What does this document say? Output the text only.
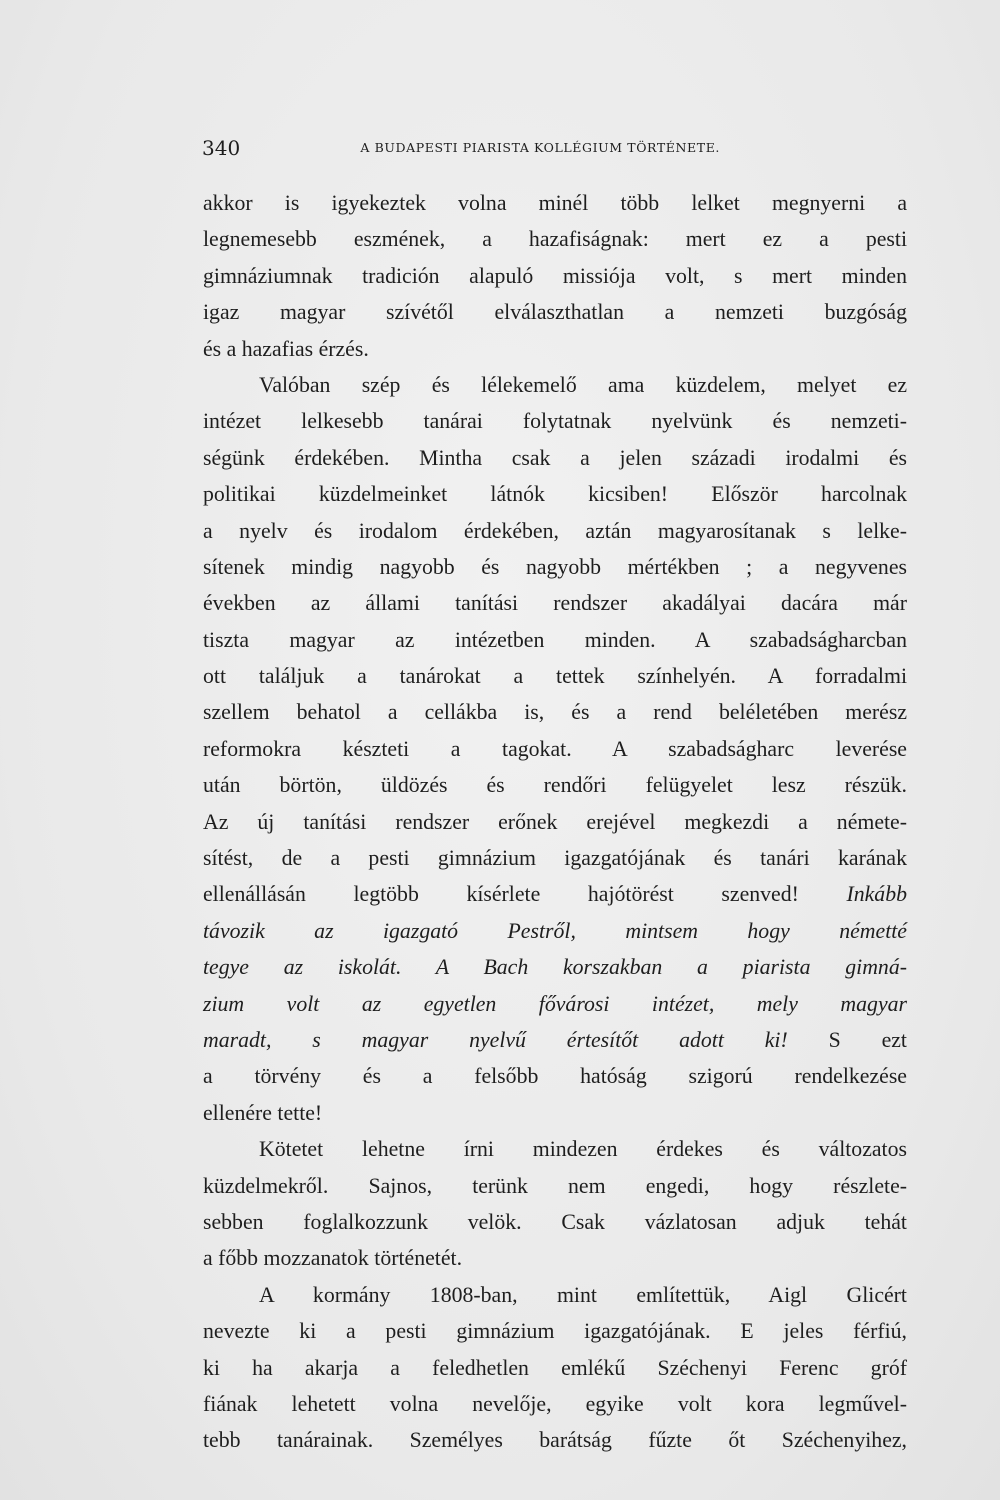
340	A BUDAPESTI PIARISTA KOLLÉGIUM TÖRTÉNETE.
akkor is igyekeztek volna minél több lelket megnyerni a
legnemesebb eszmének, a hazafiságnak: mert ez a pesti
gimnáziumnak tradición alapuló missiója volt, s mert minden
igaz magyar szívétől elválaszthatlan a nemzeti buzgóság
és a hazafias érzés.
Valóban szép és lélekemelő ama küzdelem, melyet ez
intézet lelkesebb tanárai folytatnak nyelvünk és nemzeti-
ségünk érdekében. Mintha csak a jelen századi irodalmi és
politikai küzdelmeinket látnók kicsiben! Először harcolnak
a nyelv és irodalom érdekében, aztán magyarosítanak s lelke-
sítenek mindig nagyobb és nagyobb mértékben ; a negyvenes
években az állami tanítási rendszer akadályai dacára már
tiszta magyar az intézetben minden. A szabadságharcban
ott találjuk a tanárokat a tettek színhelyén. A forradalmi
szellem behatol a cellákba is, és a rend beléletében merész
reformokra készteti a tagokat. A szabadságharc leverése
után börtön, üldözés és rendőri felügyelet lesz részük.
Az új tanítási rendszer erőnek erejével megkezdi a némete-
sítést, de a pesti gimnázium igazgatójának és tanári karának
ellenállásán legtöbb kísérlete hajótörést szenved! Inkább
távozik az igazgató Pestről, mintsem hogy németté
tegye az iskolát. A Bach korszakban a piarista gimná-
zium volt az egyetlen fővárosi intézet, mely magyar
maradt, s magyar nyelvű értesítőt adott ki! S ezt
a törvény és a felsőbb hatóság szigorú rendelkezése
ellenére tette!
Kötetet lehetne írni mindezen érdekes és változatos
küzdelmekről. Sajnos, terünk nem engedi, hogy részlete-
sebben foglalkozzunk velök. Csak vázlatosan adjuk tehát
a főbb mozzanatok történetét.
A kormány 1808-ban, mint említettük, Aigl Glicért
nevezte ki a pesti gimnázium igazgatójának. E jeles férfiú,
ki ha akarja a feledhetlen emlékű Széchenyi Ferenc gróf
fiának lehetett volna nevelője, egyike volt kora legművel-
tebb tanárainak. Személyes barátság fűzte őt Széchenyihez,
